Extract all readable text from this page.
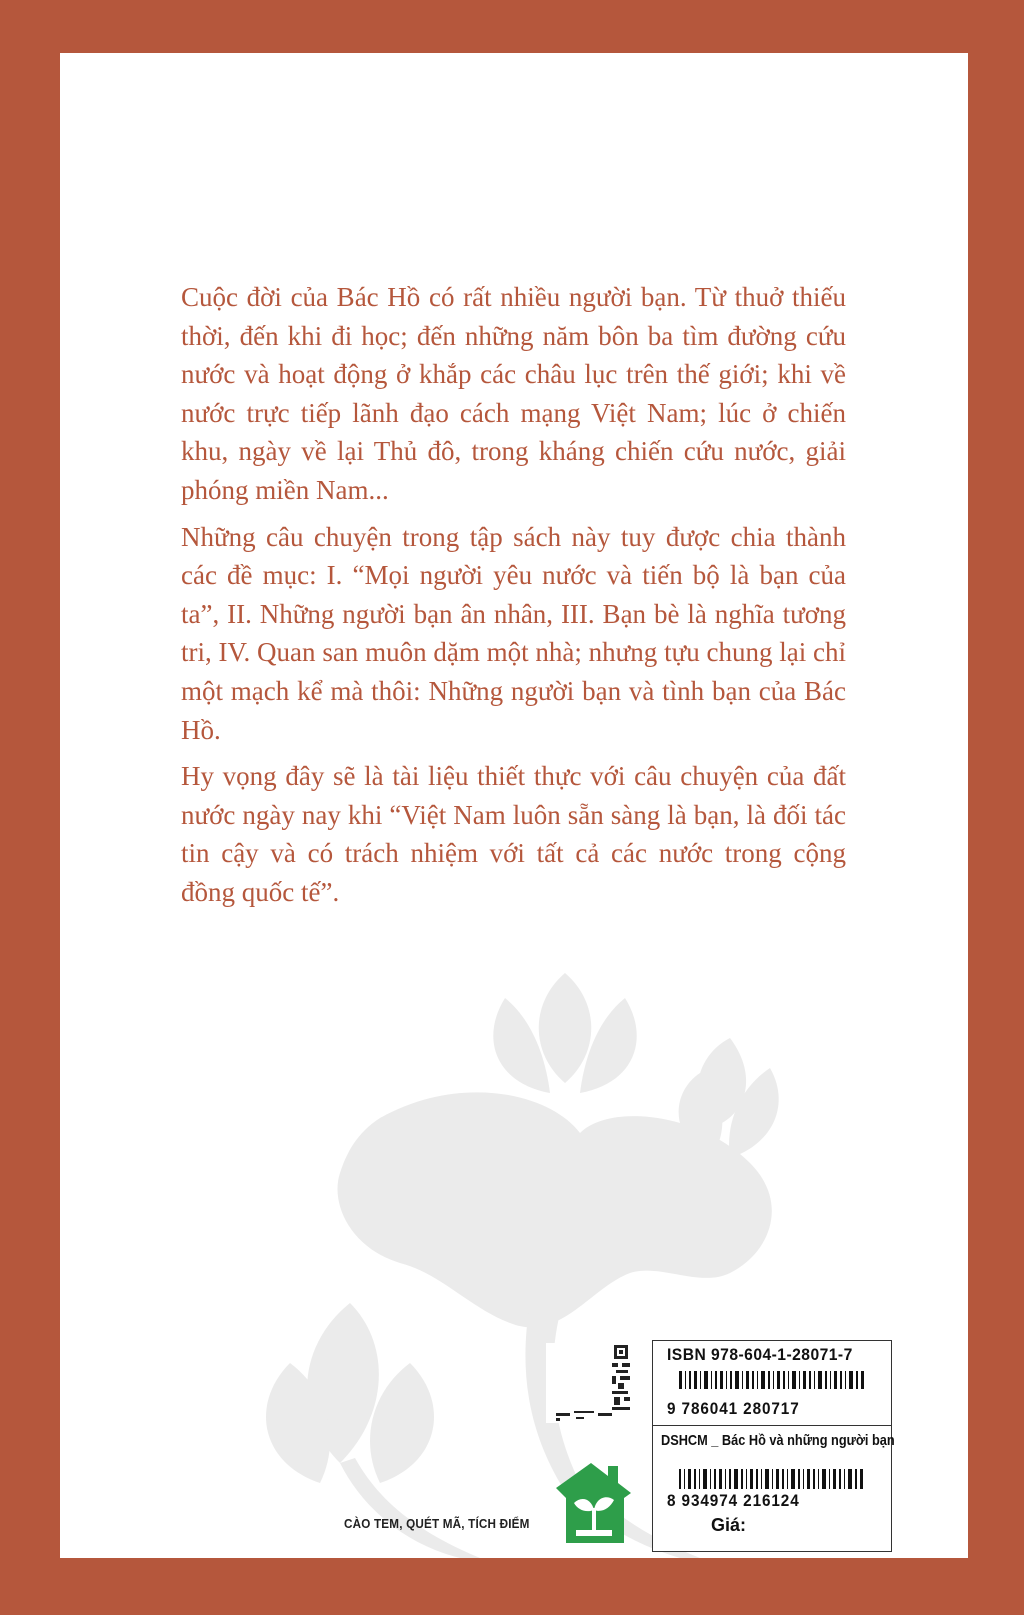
Cuộc đời của Bác Hồ có rất nhiều người bạn. Từ thuở thiếu thời, đến khi đi học; đến những năm bôn ba tìm đường cứu nước và hoạt động ở khắp các châu lục trên thế giới; khi về nước trực tiếp lãnh đạo cách mạng Việt Nam; lúc ở chiến khu, ngày về lại Thủ đô, trong kháng chiến cứu nước, giải phóng miền Nam...

Những câu chuyện trong tập sách này tuy được chia thành các đề mục: I. “Mọi người yêu nước và tiến bộ là bạn của ta”, II. Những người bạn ân nhân, III. Bạn bè là nghĩa tương tri, IV. Quan san muôn dặm một nhà; nhưng tựu chung lại chỉ một mạch kể mà thôi: Những người bạn và tình bạn của Bác Hồ.

Hy vọng đây sẽ là tài liệu thiết thực với câu chuyện của đất nước ngày nay khi “Việt Nam luôn sẵn sàng là bạn, là đối tác tin cậy và có trách nhiệm với tất cả các nước trong cộng đồng quốc tế”.

CÀO TEM, QUÉT MÃ, TÍCH ĐIỂM
ISBN 978-604-1-28071-7
9 786041 280717
DSHCM _ Bác Hồ và những người bạn
8 934974 216124
Giá:
